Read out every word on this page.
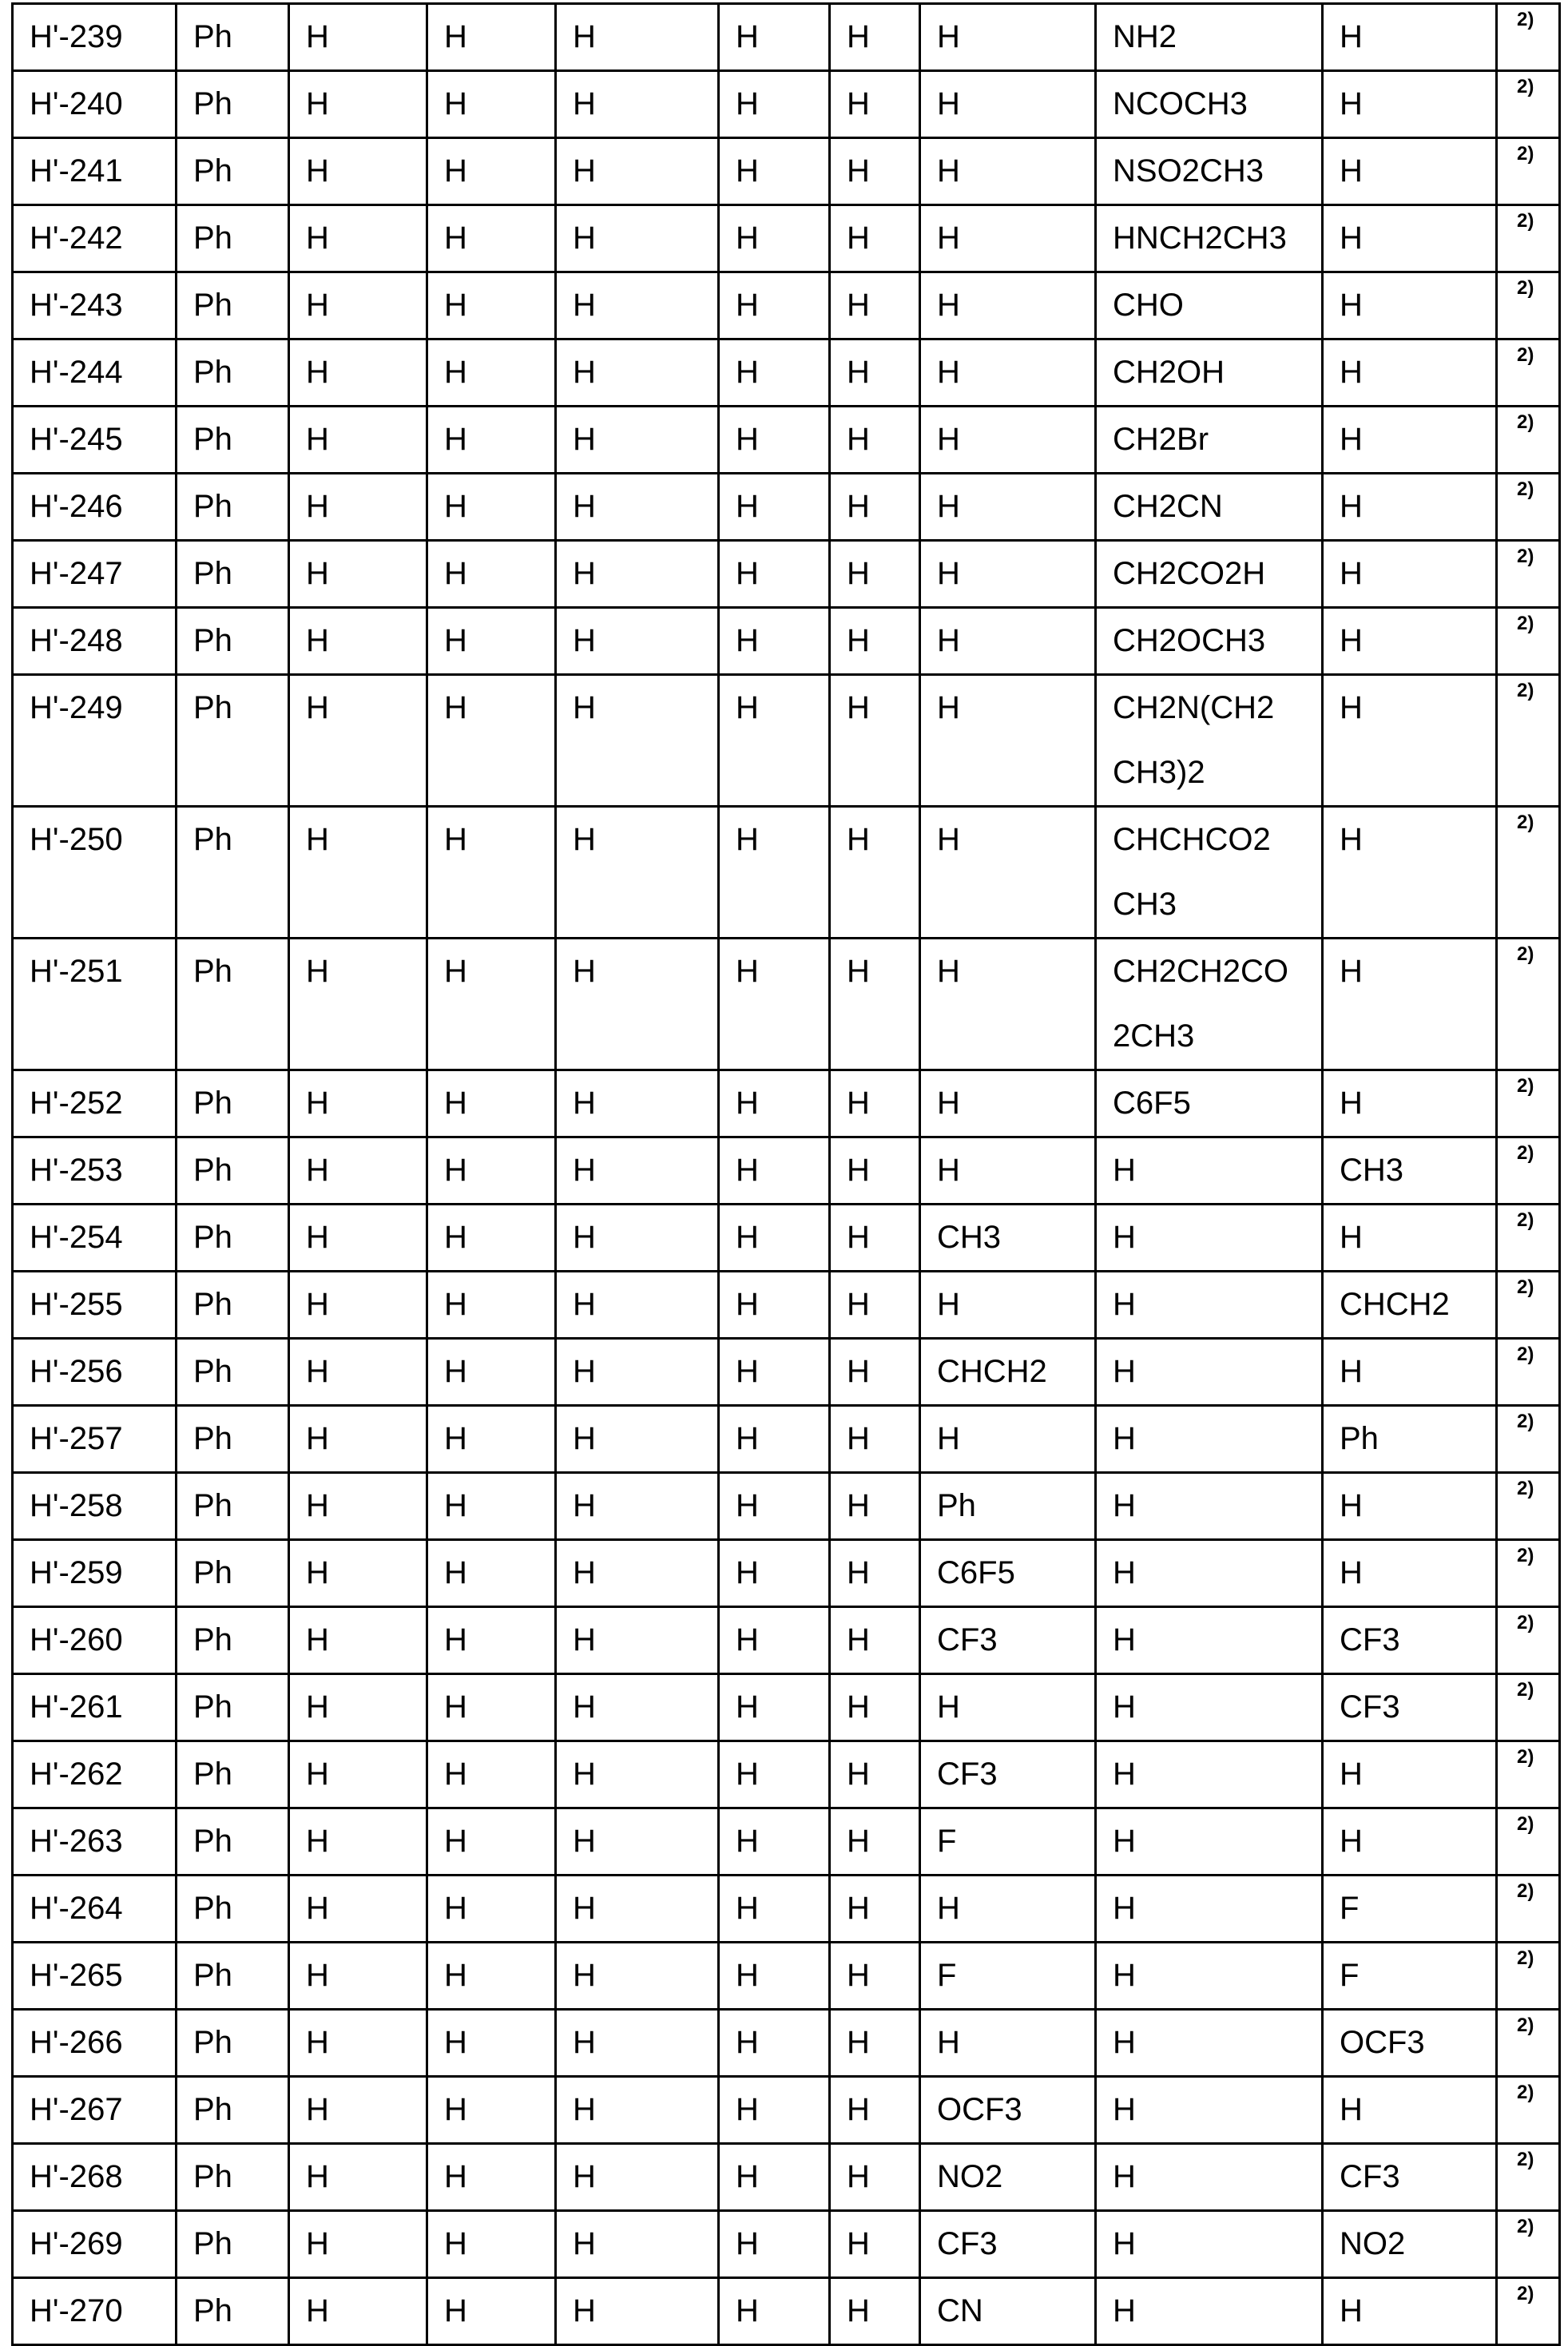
H'-239	Ph	H	H	H	H	H	H	NH2	H	2)
H'-240	Ph	H	H	H	H	H	H	NCOCH3	H	2)
H'-241	Ph	H	H	H	H	H	H	NSO2CH3	H	2)
H'-242	Ph	H	H	H	H	H	H	HNCH2CH3	H	2)
H'-243	Ph	H	H	H	H	H	H	CHO	H	2)
H'-244	Ph	H	H	H	H	H	H	CH2OH	H	2)
H'-245	Ph	H	H	H	H	H	H	CH2Br	H	2)
H'-246	Ph	H	H	H	H	H	H	CH2CN	H	2)
H'-247	Ph	H	H	H	H	H	H	CH2CO2H	H	2)
H'-248	Ph	H	H	H	H	H	H	CH2OCH3	H	2)
H'-249	Ph	H	H	H	H	H	H	CH2N(CH2
CH3)2	H	2)
H'-250	Ph	H	H	H	H	H	H	CHCHCO2
CH3	H	2)
H'-251	Ph	H	H	H	H	H	H	CH2CH2CO
2CH3	H	2)
H'-252	Ph	H	H	H	H	H	H	C6F5	H	2)
H'-253	Ph	H	H	H	H	H	H	H	CH3	2)
H'-254	Ph	H	H	H	H	H	CH3	H	H	2)
H'-255	Ph	H	H	H	H	H	H	H	CHCH2	2)
H'-256	Ph	H	H	H	H	H	CHCH2	H	H	2)
H'-257	Ph	H	H	H	H	H	H	H	Ph	2)
H'-258	Ph	H	H	H	H	H	Ph	H	H	2)
H'-259	Ph	H	H	H	H	H	C6F5	H	H	2)
H'-260	Ph	H	H	H	H	H	CF3	H	CF3	2)
H'-261	Ph	H	H	H	H	H	H	H	CF3	2)
H'-262	Ph	H	H	H	H	H	CF3	H	H	2)
H'-263	Ph	H	H	H	H	H	F	H	H	2)
H'-264	Ph	H	H	H	H	H	H	H	F	2)
H'-265	Ph	H	H	H	H	H	F	H	F	2)
H'-266	Ph	H	H	H	H	H	H	H	OCF3	2)
H'-267	Ph	H	H	H	H	H	OCF3	H	H	2)
H'-268	Ph	H	H	H	H	H	NO2	H	CF3	2)
H'-269	Ph	H	H	H	H	H	CF3	H	NO2	2)
H'-270	Ph	H	H	H	H	H	CN	H	H	2)
